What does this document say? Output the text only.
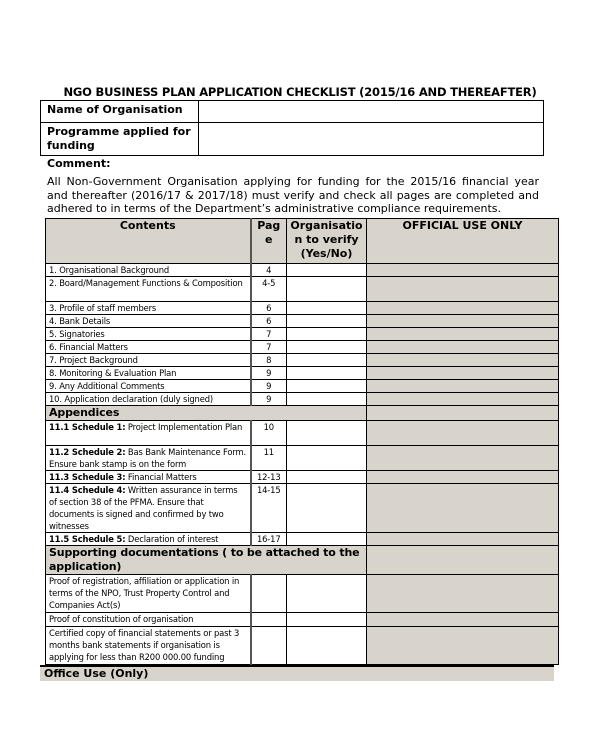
NGO BUSINESS PLAN APPLICATION CHECKLIST (2015/16 AND THEREAFTER)
Name of Organisation	
Programme applied for funding	
Comment:
All Non-Government Organisation applying for funding for the 2015/16 financial year and thereafter (2016/17 & 2017/18) must verify and check all pages are completed and adhered to in terms of the Department’s administrative compliance requirements.
Contents	Page	Organisation to verify (Yes/No)	OFFICIAL USE ONLY
1. Organisational Background	4		
2. Board/Management Functions & Composition	4-5		
3. Profile of staff members	6		
4. Bank Details	6		
5. Signatories	7		
6. Financial Matters	7		
7. Project Background	8		
8. Monitoring & Evaluation Plan	9		
9. Any Additional Comments	9		
10. Application declaration (duly signed)	9		
Appendices			
11.1 Schedule 1: Project Implementation Plan	10		
11.2 Schedule 2: Bas Bank Maintenance Form. Ensure bank stamp is on the form	11		
11.3 Schedule 3: Financial Matters	12-13		
11.4 Schedule 4: Written assurance in terms of section 38 of the PFMA. Ensure that documents is signed and confirmed by two witnesses	14-15		
11.5 Schedule 5: Declaration of interest	16-17		
Supporting documentations ( to be attached to the application)			
Proof of registration, affiliation or application in terms of the NPO, Trust Property Control and Companies Act(s)			
Proof of constitution of organisation			
Certified copy of financial statements or past 3 months bank statements if organisation is applying for less than R200 000.00 funding			
Office Use (Only)
